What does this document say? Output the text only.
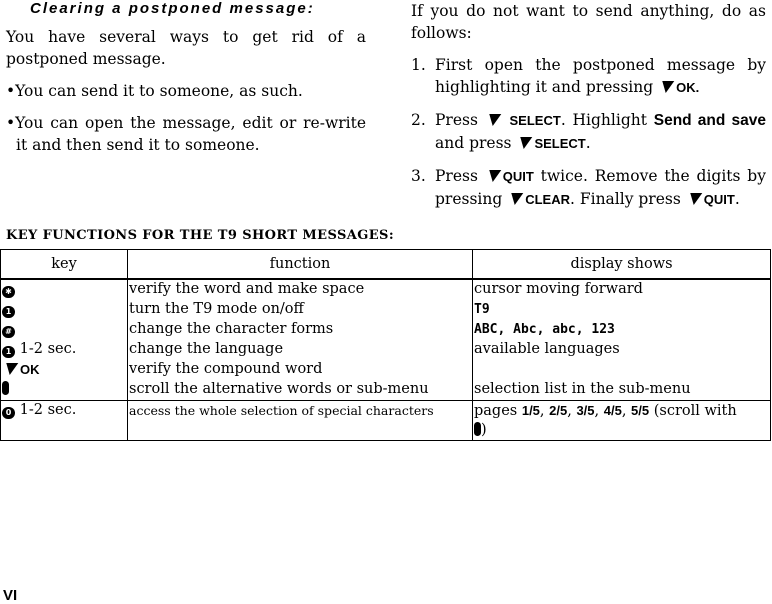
Clearing a postponed message:

You have several ways to get rid of a postponed message.

•You can send it to someone, as such.

•You can open the message, edit or re-write it and then send it to someone.

If you do not want to send anything, do as follows:

1. First open the postponed message by highlighting it and pressing OK.

2. Press SELECT. Highlight Send and save and press SELECT.

3. Press QUIT twice. Remove the digits by pressing CLEAR. Finally press QUIT.

KEY FUNCTIONS FOR THE T9 SHORT MESSAGES:
key	function	display shows
✱	verify the word and make space	cursor moving forward
1	turn the T9 mode on/off	T9
#	change the character forms	ABC, Abc, abc, 123
1 1-2 sec.	change the language	available languages
OK	verify the compound word	
	scroll the alternative words or sub-menu	selection list in the sub-menu
0 1-2 sec.	access the whole selection of special characters	pages 1/5, 2/5, 3/5, 4/5, 5/5 (scroll with
)
VI
